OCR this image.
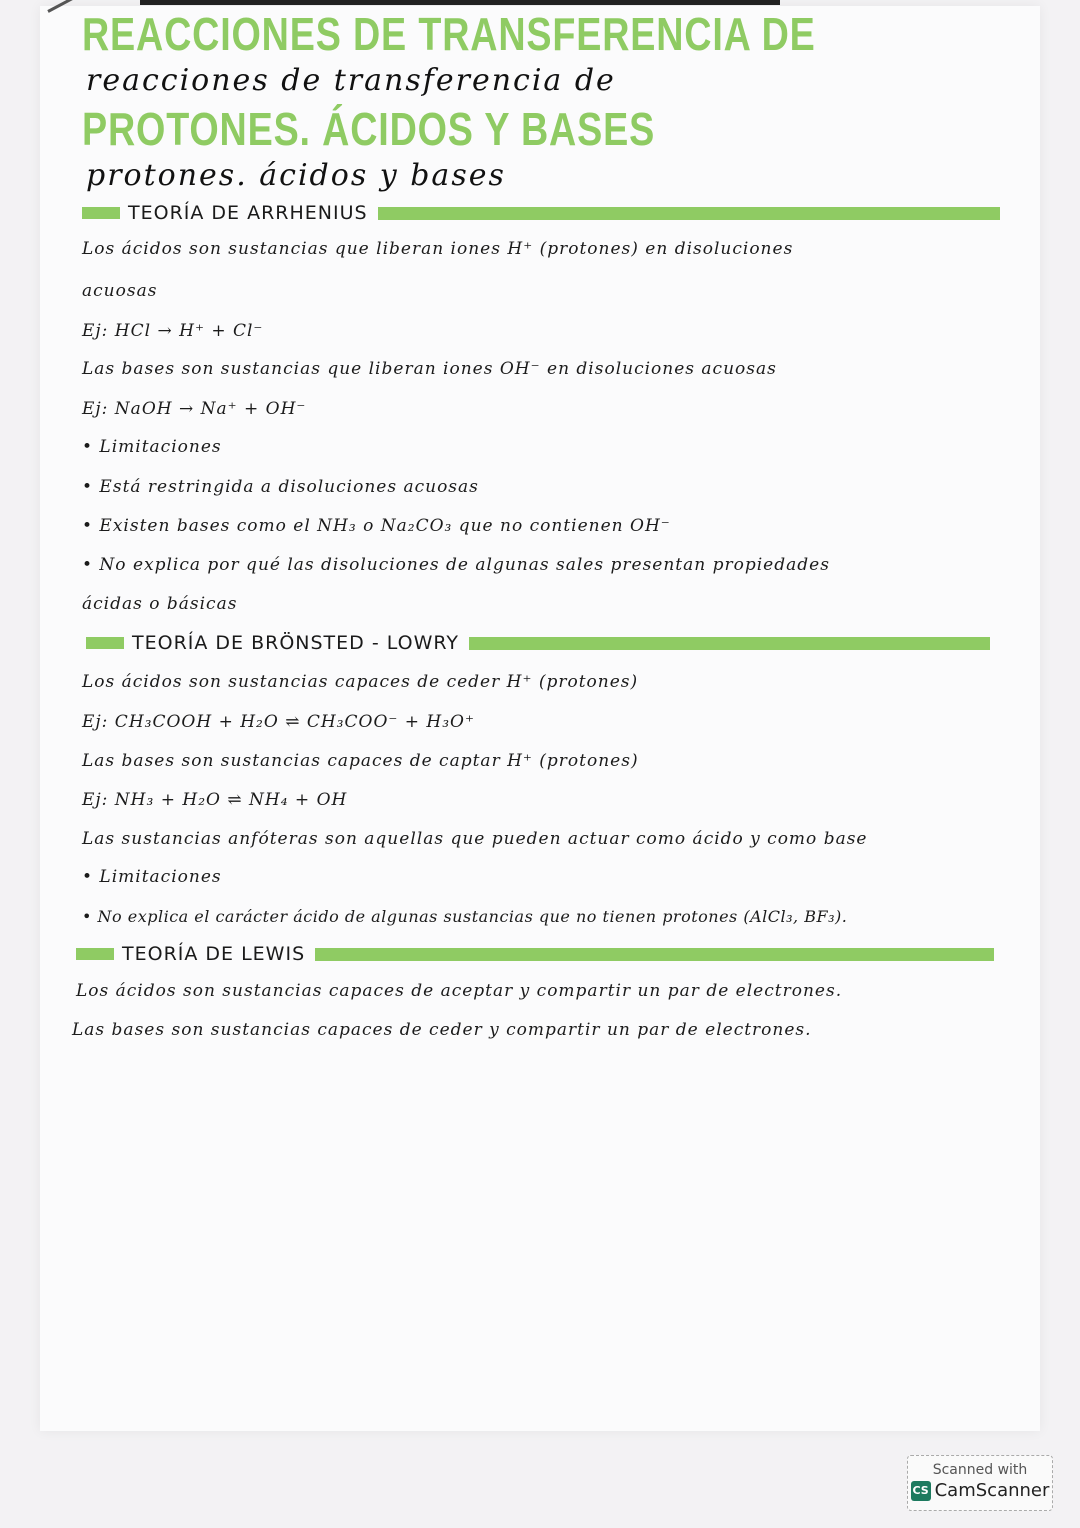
REACCIONES DE TRANSFERENCIA DE
reacciones de transferencia de
PROTONES. ÁCIDOS Y BASES
protones. ácidos y bases
TEORÍA DE ARRHENIUS
Los ácidos son sustancias que liberan iones H⁺ (protones) en disoluciones
acuosas
Ej: HCl → H⁺ + Cl⁻
Las bases son sustancias que liberan iones OH⁻ en disoluciones acuosas
Ej: NaOH → Na⁺ + OH⁻
• Limitaciones
• Está restringida a disoluciones acuosas
• Existen bases como el NH₃ o Na₂CO₃ que no contienen OH⁻
• No explica por qué las disoluciones de algunas sales presentan propiedades
ácidas o básicas
TEORÍA DE BRÖNSTED - LOWRY
Los ácidos son sustancias capaces de ceder H⁺ (protones)
Ej: CH₃COOH + H₂O ⇌ CH₃COO⁻ + H₃O⁺
Las bases son sustancias capaces de captar H⁺ (protones)
Ej: NH₃ + H₂O ⇌ NH₄ + OH
Las sustancias anfóteras son aquellas que pueden actuar como ácido y como base
• Limitaciones
• No explica el carácter ácido de algunas sustancias que no tienen protones (AlCl₃, BF₃).
TEORÍA DE LEWIS
Los ácidos son sustancias capaces de aceptar y compartir un par de electrones.
Las bases son sustancias capaces de ceder y compartir un par de electrones.
Scanned with
CS CamScanner
